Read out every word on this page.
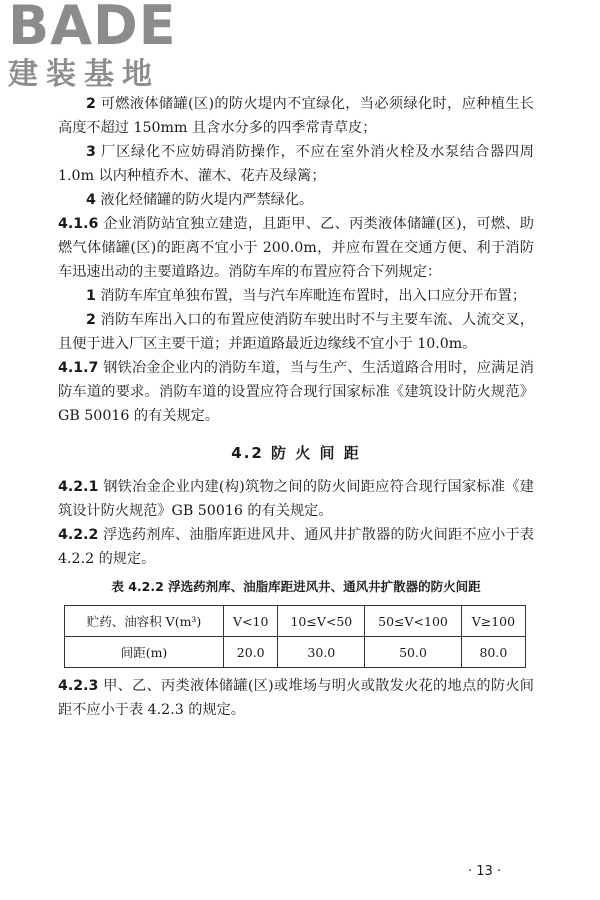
BADE
建装基地

2 可燃液体储罐(区)的防火堤内不宜绿化，当必须绿化时，应种植生长高度不超过 150mm 且含水分多的四季常青草皮；

3 厂区绿化不应妨碍消防操作，不应在室外消火栓及水泵结合器四周 1.0m 以内种植乔木、灌木、花卉及绿篱；

4 液化烃储罐的防火堤内严禁绿化。

4.1.6 企业消防站宜独立建造，且距甲、乙、丙类液体储罐(区)，可燃、助燃气体储罐(区)的距离不宜小于 200.0m，并应布置在交通方便、利于消防车迅速出动的主要道路边。消防车库的布置应符合下列规定：

1 消防车库宜单独布置，当与汽车库毗连布置时，出入口应分开布置；

2 消防车库出入口的布置应使消防车驶出时不与主要车流、人流交叉，且便于进入厂区主要干道；并距道路最近边缘线不宜小于 10.0m。

4.1.7 钢铁冶金企业内的消防车道，当与生产、生活道路合用时，应满足消防车道的要求。消防车道的设置应符合现行国家标准《建筑设计防火规范》GB 50016 的有关规定。

4.2 防 火 间 距

4.2.1 钢铁冶金企业内建(构)筑物之间的防火间距应符合现行国家标准《建筑设计防火规范》GB 50016 的有关规定。

4.2.2 浮选药剂库、油脂库距进风井、通风井扩散器的防火间距不应小于表 4.2.2 的规定。

表 4.2.2 浮选药剂库、油脂库距进风井、通风井扩散器的防火间距
贮药、油容积 V(m³)	V<10	10≤V<50	50≤V<100	V≥100
间距(m)	20.0	30.0	50.0	80.0

4.2.3 甲、乙、丙类液体储罐(区)或堆场与明火或散发火花的地点的防火间距不应小于表 4.2.3 的规定。

· 13 ·
